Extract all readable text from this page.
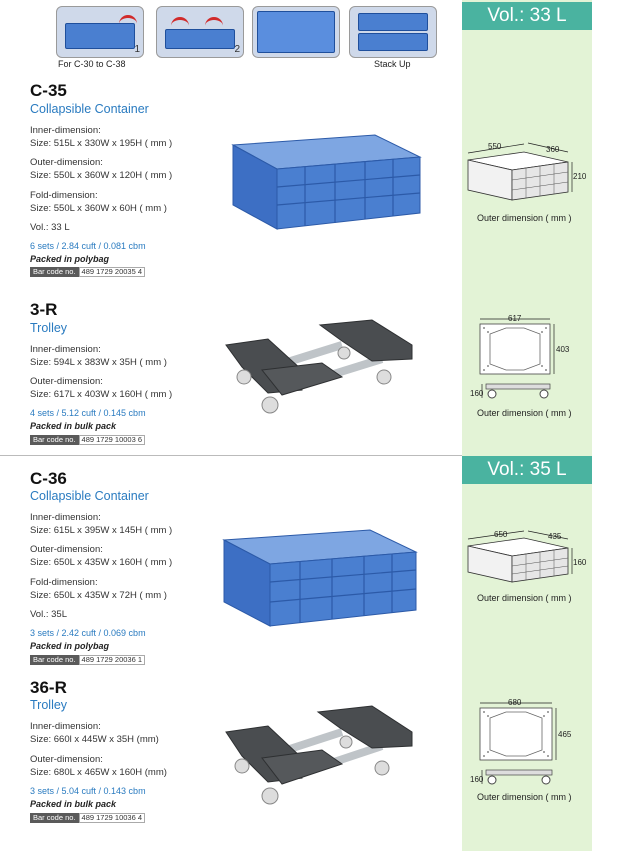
Vol.: 33 L
Vol.: 35 L
1	2
For C-30 to C-38	Stack Up
C-35
Collapsible Container
Inner-dimension:
Size: 515L x 330W x 195H ( mm )
Outer-dimension:
Size: 550L x 360W x 120H ( mm )
Fold-dimension:
Size: 550L x 360W x 60H ( mm )
Vol.: 33 L
6 sets / 2.84 cuft / 0.081 cbm
Packed in polybag
Bar code no. 489 1729 20035 4
550	360
210
Outer dimension ( mm )
3-R
Trolley
Inner-dimension:
Size: 594L x 383W x 35H ( mm )
Outer-dimension:
Size: 617L x 403W x 160H ( mm )
4 sets / 5.12 cuft / 0.145 cbm
Packed in bulk pack
Bar code no. 489 1729 10003 6
617
403
160
Outer dimension ( mm )
C-36
Collapsible Container
Inner-dimension:
Size: 615L x 395W x 145H ( mm )
Outer-dimension:
Size: 650L x 435W x 160H ( mm )
Fold-dimension:
Size: 650L x 435W x 72H ( mm )
Vol.: 35L
3 sets / 2.42 cuft / 0.069 cbm
Packed in polybag
Bar code no. 489 1729 20036 1
650	435
160
Outer dimension ( mm )
36-R
Trolley
Inner-dimension:
Size: 660l x 445W x 35H (mm)
Outer-dimension:
Size: 680L x 465W x 160H (mm)
3 sets / 5.04 cuft / 0.143 cbm
Packed in bulk pack
Bar code no. 489 1729 10036 4
680
465
160
Outer dimension ( mm )
